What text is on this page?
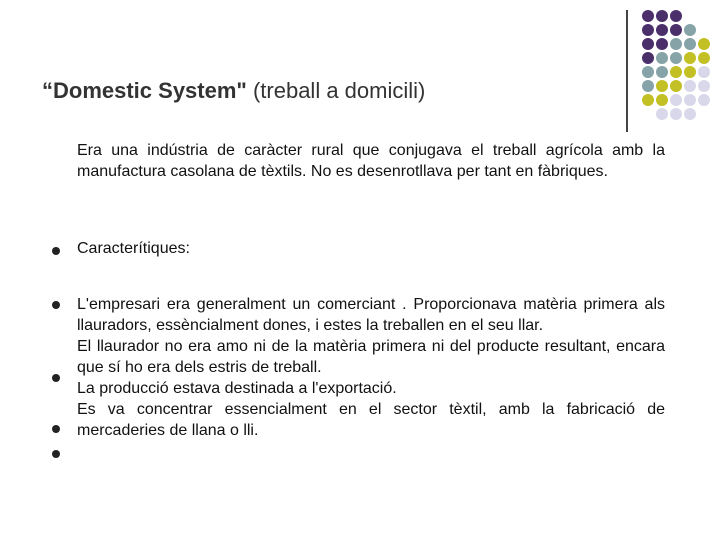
“Domestic System" (treball a domicili)
Era una indústria de caràcter rural que conjugava el treball agrícola amb la manufactura casolana de tèxtils. No es desenrotllava per tant en fàbriques.
Caracterítiques:

L'empresari era generalment un comerciant . Proporcionava matèria primera als llauradors, essèncialment dones, i estes la treballen en el seu llar.

El llaurador no era amo ni de la matèria primera ni del producte resultant, encara que sí ho era dels estris de treball.

La producció estava destinada a l'exportació.

Es va concentrar essencialment en el sector tèxtil, amb la fabricació de mercaderies de llana o lli.
